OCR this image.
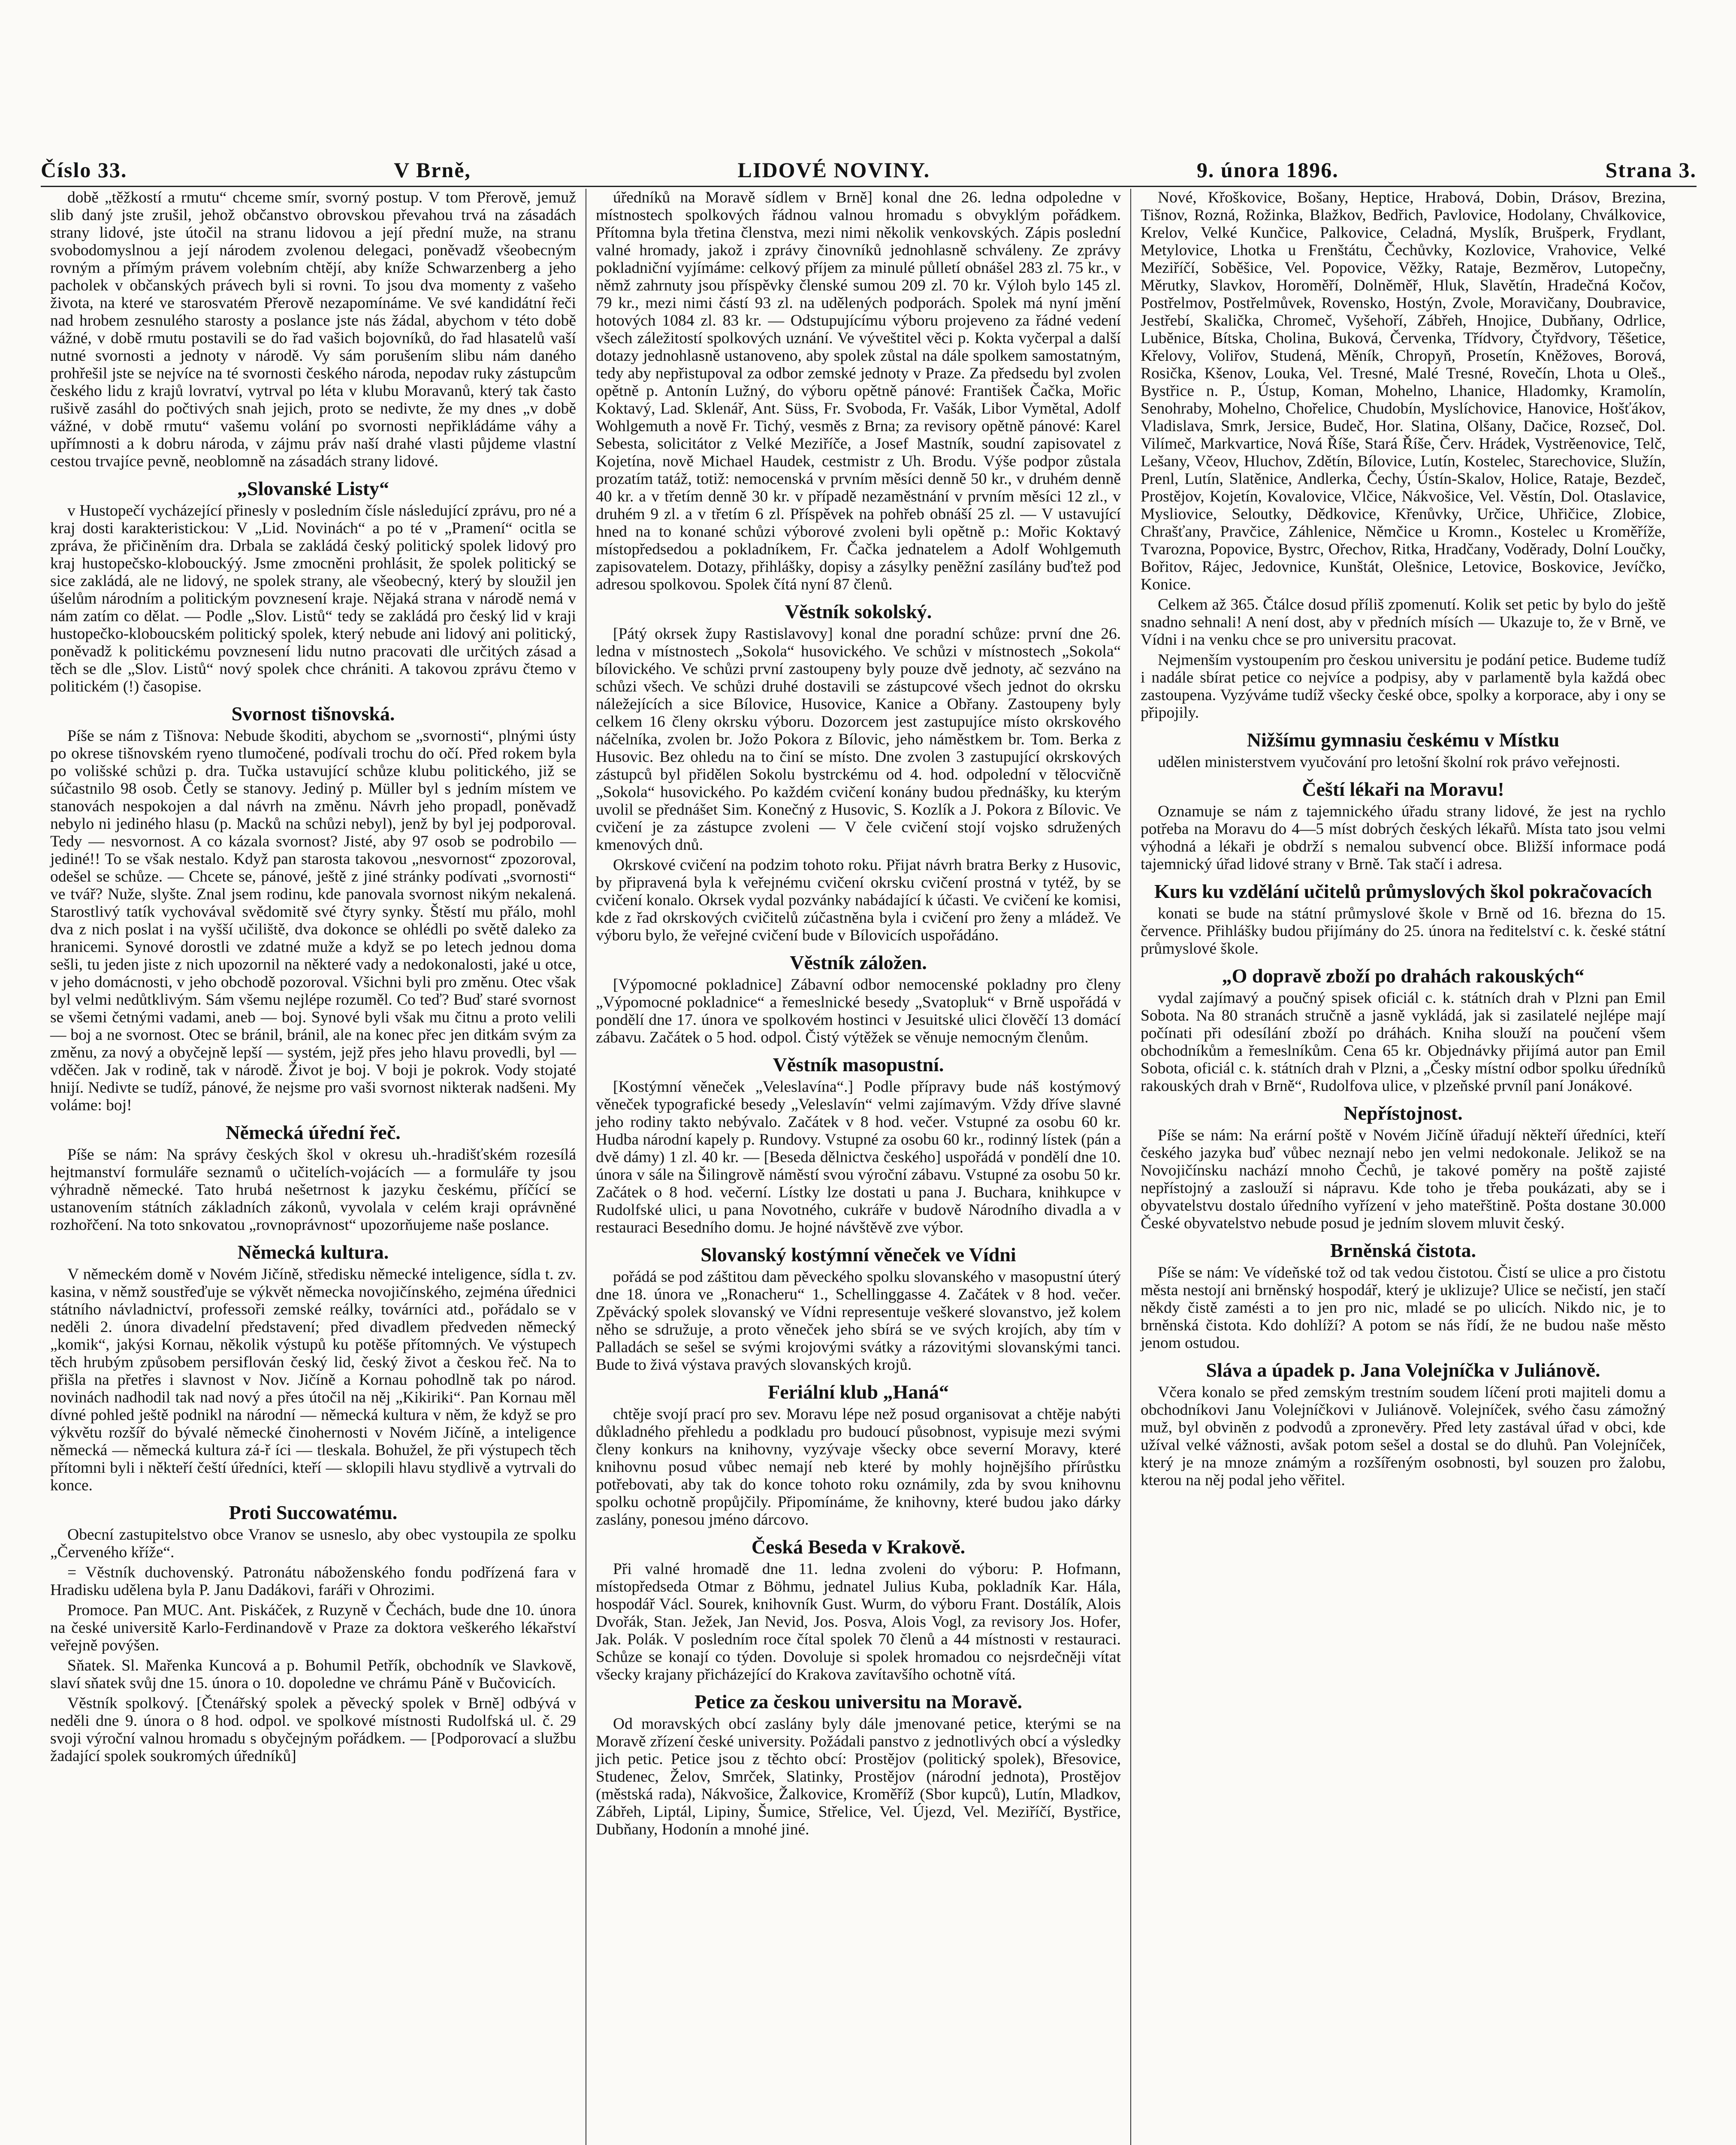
Číslo 33.	V Brně,	LIDOVÉ NOVINY.	9. února 1896.	Strana 3.

době „těžkostí a rmutu“ chceme smír, svorný postup. V tom Přerově, jemuž slib daný jste zrušil, jehož občanstvo obrovskou převahou trvá na zásadách strany lidové, jste útočil na stranu lidovou a její přední muže, na stranu svobodomyslnou a její národem zvolenou delegaci, poněvadž všeobecným rovným a přímým právem volebním chtějí, aby kníže Schwarzenberg a jeho pacholek v občanských právech byli si rovni. To jsou dva momenty z vašeho života, na které ve starosvatém Přerově nezapomínáme. Ve své kandidátní řeči nad hrobem zesnulého starosty a poslance jste nás žádal, abychom v této době vážné, v době rmutu postavili se do řad vašich bojovníků, do řad hlasatelů vaší nutné svornosti a jednoty v národě. Vy sám porušením slibu nám daného prohřešil jste se nejvíce na té svornosti českého národa, nepodav ruky zástupcům českého lidu z krajů lovratví, vytrval po léta v klubu Moravanů, který tak často rušivě zasáhl do počtivých snah jejich, proto se nedivte, že my dnes „v době vážné, v době rmutu“ vašemu volání po svornosti nepřikládáme váhy a upřímnosti a k dobru národa, v zájmu práv naší drahé vlasti půjdeme vlastní cestou trvajíce pevně, neoblomně na zásadách strany lidové.

„Slovanské Listy“

v Hustopečí vycházející přinesly v posledním čísle následující zprávu, pro né a kraj dosti karakteristickou: V „Lid. Novinách“ a po té v „Pramení“ ocitla se zpráva, že přičiněním dra. Drbala se zakládá český politický spolek lidový pro kraj hustopečsko-klobouckýý. Jsme zmocněni prohlásit, že spolek politický se sice zakládá, ale ne lidový, ne spolek strany, ale všeobecný, který by sloužil jen úšelům národním a politickým povznesení kraje. Nějaká strana v národě nemá v nám zatím co dělat. — Podle „Slov. Listů“ tedy se zakládá pro český lid v kraji hustopečko-kloboucském politický spolek, který nebude ani lidový ani politický, poněvadž k politickému povznesení lidu nutno pracovati dle určitých zásad a těch se dle „Slov. Listů“ nový spolek chce chrániti. A takovou zprávu čtemo v politickém (!) časopise.

Svornost tišnovská.

Píše se nám z Tišnova: Nebude škoditi, abychom se „svornosti“, plnými ústy po okrese tišnovském ryeno tlumočené, podívali trochu do očí. Před rokem byla po volišské schůzi p. dra. Tučka ustavující schůze klubu politického, již se súčastnilo 98 osob. Četly se stanovy. Jediný p. Müller byl s jedním místem ve stanovách nespokojen a dal návrh na změnu. Návrh jeho propadl, poněvadž nebylo ni jediného hlasu (p. Macků na schůzi nebyl), jenž by byl jej podporoval. Tedy — nesvornost. A co kázala svornost? Jisté, aby 97 osob se podrobilo — jediné!! To se však nestalo. Když pan starosta takovou „nesvornost“ zpozoroval, odešel se schůze. — Chcete se, pánové, ještě z jiné stránky podívati „svornosti“ ve tvář? Nuže, slyšte. Znal jsem rodinu, kde panovala svornost nikým nekalená. Starostlivý tatík vychovával svědomitě své čtyry synky. Štěstí mu přálo, mohl dva z nich poslat i na vyšší učiliště, dva dokonce se ohlédli po světě daleko za hranicemi. Synové dorostli ve zdatné muže a když se po letech jednou doma sešli, tu jeden jiste z nich upozornil na některé vady a nedokonalosti, jaké u otce, v jeho domácnosti, v jeho obchodě pozoroval. Všichni byli pro změnu. Otec však byl velmi nedůtklivým. Sám všemu nejlépe rozuměl. Co teď? Buď staré svornost se všemi četnými vadami, aneb — boj. Synové byli však mu čitnu a proto velili — boj a ne svornost. Otec se bránil, bránil, ale na konec přec jen ditkám svým za změnu, za nový a obyčejně lepší — systém, jejž přes jeho hlavu provedli, byl — vděčen. Jak v rodině, tak v národě. Život je boj. V boji je pokrok. Vody stojaté hnijí. Nedivte se tudíž, pánové, že nejsme pro vaši svornost nikterak nadšeni. My voláme: boj!

Německá úřední řeč.

Píše se nám: Na správy českých škol v okresu uh.-hradišťském rozesílá hejtmanství formuláře seznamů o učitelích-vojácích — a formuláře ty jsou výhradně německé. Tato hrubá nešetrnost k jazyku českému, příčící se ustanovením státních základních zákonů, vyvolala v celém kraji oprávněné rozhořčení. Na toto snkovatou „rovnoprávnost“ upozorňujeme naše poslance.

Německá kultura.

V německém domě v Novém Jičíně, středisku německé inteligence, sídla t. zv. kasina, v němž soustřeďuje se výkvět německa novojičínského, zejména úřednici státního návladnictví, professoři zemské reálky, továrníci atd., pořádalo se v neděli 2. února divadelní představení; před divadlem předveden německý „komik“, jakýsi Kornau, několik výstupů ku potěše přítomných. Ve výstupech těch hrubým způsobem persiflován český lid, český život a českou řeč. Na to přišla na přetřes i slavnost v Nov. Jičíně a Kornau pohodlně tak po národ. novinách nadhodil tak nad nový a přes útočil na něj „Kikiriki“. Pan Kornau měl dívné pohled ještě podnikl na národní — německá kultura v něm, že když se pro výkvětu rozšíř do bývalé německé činohernosti v Novém Jičíně, a inteligence německá — německá kultura zá-ř íci — tleskala. Bohužel, že při výstupech těch přítomni byli i někteří čeští úředníci, kteří — sklopili hlavu stydlivě a vytrvali do konce.

Proti Succowatému.

Obecní zastupitelstvo obce Vranov se usneslo, aby obec vystoupila ze spolku „Červeného kříže“.

= Věstník duchovenský. Patronátu náboženského fondu podřízená fara v Hradisku udělena byla P. Janu Dadákovi, faráři v Ohrozimi.

Promoce. Pan MUC. Ant. Piskáček, z Ruzyně v Čechách, bude dne 10. února na české universitě Karlo-Ferdinandově v Praze za doktora veškerého lékařství veřejně povýšen.

Sňatek. Sl. Mařenka Kuncová a p. Bohumil Petřík, obchodník ve Slavkově, slaví sňatek svůj dne 15. února o 10. dopoledne ve chrámu Páně v Bučovicích.

Věstník spolkový. [Čtenářský spolek a pěvecký spolek v Brně] odbývá v neděli dne 9. února o 8 hod. odpol. ve spolkové místnosti Rudolfská ul. č. 29 svoji výroční valnou hromadu s obyčejným pořádkem. — [Podporovací a službu žadající spolek soukromých úředníků]

úředníků na Moravě sídlem v Brně] konal dne 26. ledna odpoledne v místnostech spolkových řádnou valnou hromadu s obvyklým pořádkem. Přítomna byla třetina členstva, mezi nimi několik venkovských. Zápis poslední valné hromady, jakož i zprávy činovníků jednohlasně schváleny. Ze zprávy pokladniční vyjímáme: celkový příjem za minulé půlletí obnášel 283 zl. 75 kr., v němž zahrnuty jsou příspěvky členské sumou 209 zl. 70 kr. Výloh bylo 145 zl. 79 kr., mezi nimi částí 93 zl. na udělených podporách. Spolek má nyní jmění hotových 1084 zl. 83 kr. — Odstupujícímu výboru projeveno za řádné vedení všech záležitostí spolkových uznání. Ve výveštitel věci p. Kokta vyčerpal a další dotazy jednohlasně ustanoveno, aby spolek zůstal na dále spolkem samostatným, tedy aby nepřistupoval za odbor zemské jednoty v Praze. Za předsedu byl zvolen opětně p. Antonín Lužný, do výboru opětně pánové: František Čačka, Mořic Koktavý, Lad. Sklenář, Ant. Süss, Fr. Svoboda, Fr. Vašák, Libor Vymětal, Adolf Wohlgemuth a nově Fr. Tichý, vesměs z Brna; za revisory opětně pánové: Karel Sebesta, solicitátor z Velké Meziříče, a Josef Mastník, soudní zapisovatel z Kojetína, nově Michael Haudek, cestmistr z Uh. Brodu. Výše podpor zůstala prozatím tatáž, totiž: nemocenská v prvním měsíci denně 50 kr., v druhém denně 40 kr. a v třetím denně 30 kr. v případě nezaměstnání v prvním měsíci 12 zl., v druhém 9 zl. a v třetím 6 zl. Příspěvek na pohřeb obnáší 25 zl. — V ustavující hned na to konané schůzi výborové zvoleni byli opětně p.: Mořic Koktavý místopředsedou a pokladníkem, Fr. Čačka jednatelem a Adolf Wohlgemuth zapisovatelem. Dotazy, přihlášky, dopisy a zásylky peněžní zasílány buďtež pod adresou spolkovou. Spolek čítá nyní 87 členů.

Věstník sokolský.

[Pátý okrsek župy Rastislavovy] konal dne poradní schůze: první dne 26. ledna v místnostech „Sokola“ husovického. Ve schůzi v místnostech „Sokola“ bílovického. Ve schůzi první zastoupeny byly pouze dvě jednoty, ač sezváno na schůzi všech. Ve schůzi druhé dostavili se zástupcové všech jednot do okrsku náležejících a sice Bílovice, Husovice, Kanice a Obřany. Zastoupeny byly celkem 16 členy okrsku výboru. Dozorcem jest zastupujíce místo okrskového náčelníka, zvolen br. Jožo Pokora z Bílovic, jeho náměstkem br. Tom. Berka z Husovic. Bez ohledu na to činí se místo. Dne zvolen 3 zastupující okrskových zástupců byl přidělen Sokolu bystrckému od 4. hod. odpolední v tělocvičně „Sokola“ husovického. Po každém cvičení konány budou přednášky, ku kterým uvolil se přednášet Sim. Konečný z Husovic, S. Kozlík a J. Pokora z Bílovic. Ve cvičení je za zástupce zvoleni — V čele cvičení stojí vojsko sdružených kmenových dnů.

Okrskové cvičení na podzim tohoto roku. Přijat návrh bratra Berky z Husovic, by připravená byla k veřejnému cvičení okrsku cvičení prostná v tytéž, by se cvičení konalo. Okrsek vydal pozvánky nabádající k účasti. Ve cvičení ke komisi, kde z řad okrskových cvičitelů zúčastněna byla i cvičení pro ženy a mládež. Ve výboru bylo, že veřejné cvičení bude v Bílovicích uspořádáno.

Věstník záložen.

[Výpomocné pokladnice] Zábavní odbor nemocenské pokladny pro členy „Výpomocné pokladnice“ a řemeslnické besedy „Svatopluk“ v Brně uspořádá v pondělí dne 17. února ve spolkovém hostinci v Jesuitské ulici člověčí 13 domácí zábavu. Začátek o 5 hod. odpol. Čistý výtěžek se věnuje nemocným členům.

Věstník masopustní.

[Kostýmní věneček „Veleslavína“.] Podle přípravy bude náš kostýmový věneček typografické besedy „Veleslavín“ velmi zajímavým. Vždy dříve slavné jeho rodiny takto nebývalo. Začátek v 8 hod. večer. Vstupné za osobu 60 kr. Hudba národní kapely p. Rundovy. Vstupné za osobu 60 kr., rodinný lístek (pán a dvě dámy) 1 zl. 40 kr. — [Beseda dělnictva českého] uspořádá v pondělí dne 10. února v sále na Šilingrově náměstí svou výroční zábavu. Vstupné za osobu 50 kr. Začátek o 8 hod. večerní. Lístky lze dostati u pana J. Buchara, knihkupce v Rudolfské ulici, u pana Novotného, cukráře v budově Národního divadla a v restauraci Besedního domu. Je hojné návštěvě zve výbor.

Slovanský kostýmní věneček ve Vídni

pořádá se pod záštitou dam pěveckého spolku slovanského v masopustní úterý dne 18. února ve „Ronacheru“ 1., Schellinggasse 4. Začátek v 8 hod. večer. Zpěvácký spolek slovanský ve Vídni representuje veškeré slovanstvo, jež kolem něho se sdružuje, a proto věneček jeho sbírá se ve svých krojích, aby tím v Palladách se sešel se svými krojovými svátky a rázovitými slovanskými tanci. Bude to živá výstava pravých slovanských krojů.

Feriální klub „Haná“

chtěje svojí prací pro sev. Moravu lépe než posud organisovat a chtěje nabýti důkladného přehledu a podkladu pro budoucí působnost, vypisuje mezi svými členy konkurs na knihovny, vyzývaje všecky obce severní Moravy, které knihovnu posud vůbec nemají neb které by mohly hojnějšího přírůstku potřebovati, aby tak do konce tohoto roku oznámily, zda by svou knihovnu spolku ochotně propůjčily. Připomínáme, že knihovny, které budou jako dárky zaslány, ponesou jméno dárcovo.

Česká Beseda v Krakově.

Při valné hromadě dne 11. ledna zvoleni do výboru: P. Hofmann, místopředseda Otmar z Böhmu, jednatel Julius Kuba, pokladník Kar. Hála, hospodář Václ. Sourek, knihovník Gust. Wurm, do výboru Frant. Dostálík, Alois Dvořák, Stan. Ježek, Jan Nevid, Jos. Posva, Alois Vogl, za revisory Jos. Hofer, Jak. Polák. V posledním roce čítal spolek 70 členů a 44 místnosti v restauraci. Schůze se konají co týden. Dovoluje si spolek hromadou co nejsrdečněji vítat všecky krajany přicházející do Krakova zavítavšího ochotně vítá.

Petice za českou universitu na Moravě.

Od moravských obcí zaslány byly dále jmenované petice, kterými se na Moravě zřízení české university. Požádali panstvo z jednotlivých obcí a výsledky jich petic. Petice jsou z těchto obcí: Prostějov (politický spolek), Břesovice, Studenec, Želov, Smrček, Slatinky, Prostějov (národní jednota), Prostějov (městská rada), Nákvošice, Žalkovice, Kroměříž (Sbor kupců), Lutín, Mladkov, Zábřeh, Liptál, Lipiny, Šumice, Střelice, Vel. Újezd, Vel. Meziříčí, Bystřice, Dubňany, Hodonín a mnohé jiné.

Nové, Křoškovice, Bošany, Heptice, Hrabová, Dobin, Drásov, Brezina, Tišnov, Rozná, Rožinka, Blažkov, Bedřich, Pavlovice, Hodolany, Chválkovice, Krelov, Velké Kunčice, Palkovice, Celadná, Myslík, Brušperk, Frydlant, Metylovice, Lhotka u Frenštátu, Čechůvky, Kozlovice, Vrahovice, Velké Meziříčí, Soběšice, Vel. Popovice, Věžky, Rataje, Bezměrov, Lutopečny, Měrutky, Slavkov, Horoměří, Dolněměř, Hluk, Slavětín, Hradečná Kočov, Postřelmov, Postřelmůvek, Rovensko, Hostýn, Zvole, Moravičany, Doubravice, Jestřebí, Skalička, Chromeč, Vyšehoří, Zábřeh, Hnojice, Dubňany, Odrlice, Luběnice, Bítska, Cholina, Buková, Červenka, Třídvory, Čtyřdvory, Těšetice, Křelovy, Voliřov, Studená, Měník, Chropyň, Prosetín, Kněžoves, Borová, Rosička, Kšenov, Louka, Vel. Tresné, Malé Tresné, Rovečín, Lhota u Oleš., Bystřice n. P., Ústup, Koman, Mohelno, Lhanice, Hladomky, Kramolín, Senohraby, Mohelno, Chořelice, Chudobín, Myslíchovice, Hanovice, Hošťákov, Vladislava, Smrk, Jersice, Budeč, Hor. Slatina, Olšany, Dačice, Rozseč, Dol. Vilímeč, Markvartice, Nová Říše, Stará Říše, Červ. Hrádek, Vystrěenovice, Telč, Lešany, Včeov, Hluchov, Zdětín, Bílovice, Lutín, Kostelec, Starechovice, Služín, Prenl, Lutín, Slatěnice, Andlerka, Čechy, Ústín-Skalov, Holice, Rataje, Bezdeč, Prostějov, Kojetín, Kovalovice, Vlčice, Nákvošice, Vel. Věstín, Dol. Otaslavice, Mysliovice, Seloutky, Dědkovice, Křenůvky, Určice, Uhřičice, Zlobice, Chrašťany, Pravčice, Záhlenice, Němčice u Kromn., Kostelec u Kroměříže, Tvarozna, Popovice, Bystrc, Ořechov, Ritka, Hradčany, Voděrady, Dolní Loučky, Bořitov, Rájec, Jedovnice, Kunštát, Olešnice, Letovice, Boskovice, Jevíčko, Konice.

Celkem až 365. Čtálce dosud příliš zpomenutí. Kolik set petic by bylo do ještě snadno sehnali! A není dost, aby v předních mísích — Ukazuje to, že v Brně, ve Vídni i na venku chce se pro universitu pracovat.

Nejmenším vystoupením pro českou universitu je podání petice. Budeme tudíž i nadále sbírat petice co nejvíce a podpisy, aby v parlamentě byla každá obec zastoupena. Vyzýváme tudíž všecky české obce, spolky a korporace, aby i ony se připojily.

Nižšímu gymnasiu českému v Místku

udělen ministerstvem vyučování pro letošní školní rok právo veřejnosti.

Čeští lékaři na Moravu!

Oznamuje se nám z tajemnického úřadu strany lidové, že jest na rychlo potřeba na Moravu do 4—5 míst dobrých českých lékařů. Místa tato jsou velmi výhodná a lékaři je obdrží s nemalou subvencí obce. Bližší informace podá tajemnický úřad lidové strany v Brně. Tak stačí i adresa.

Kurs ku vzdělání učitelů průmyslových škol pokračovacích

konati se bude na státní průmyslové škole v Brně od 16. března do 15. července. Přihlášky budou přijímány do 25. února na ředitelství c. k. české státní průmyslové škole.

„O dopravě zboží po drahách rakouských“

vydal zajímavý a poučný spisek oficiál c. k. státních drah v Plzni pan Emil Sobota. Na 80 stranách stručně a jasně vykládá, jak si zasilatelé nejlépe mají počínati při odesílání zboží po dráhách. Kniha slouží na poučení všem obchodníkům a řemeslníkům. Cena 65 kr. Objednávky přijímá autor pan Emil Sobota, oficiál c. k. státních drah v Plzni, a „Česky místní odbor spolku úředníků rakouských drah v Brně“, Rudolfova ulice, v plzeňské prvníl paní Jonákové.

Nepřístojnost.

Píše se nám: Na erární poště v Novém Jičíně úřadují někteří úředníci, kteří českého jazyka buď vůbec neznají nebo jen velmi nedokonale. Jelikož se na Novojičínsku nachází mnoho Čechů, je takové poměry na poště zajisté nepřístojný a zaslouží si nápravu. Kde toho je třeba poukázati, aby se i obyvatelstvu dostalo úředního vyřízení v jeho mateřštině. Pošta dostane 30.000 České obyvatelstvo nebude posud je jedním slovem mluvit český.

Brněnská čistota.

Píše se nám: Ve vídeňské tož od tak vedou čistotou. Čistí se ulice a pro čistotu města nestojí ani brněnský hospodář, který je uklizuje? Ulice se nečistí, jen stačí někdy čistě zamésti a to jen pro nic, mladé se po ulicích. Nikdo nic, je to brněnská čistota. Kdo dohlíží? A potom se nás řídí, že ne budou naše město jenom ostudou.

Sláva a úpadek p. Jana Volejníčka v Juliánově.

Včera konalo se před zemským trestním soudem líčení proti majiteli domu a obchodníkovi Janu Volejníčkovi v Juliánově. Volejníček, svého času zámožný muž, byl obviněn z podvodů a zpronevěry. Před lety zastával úřad v obci, kde užíval velké vážnosti, avšak potom sešel a dostal se do dluhů. Pan Volejníček, který je na mnoze známým a rozšířeným osobnosti, byl souzen pro žalobu, kterou na něj podal jeho věřitel.
